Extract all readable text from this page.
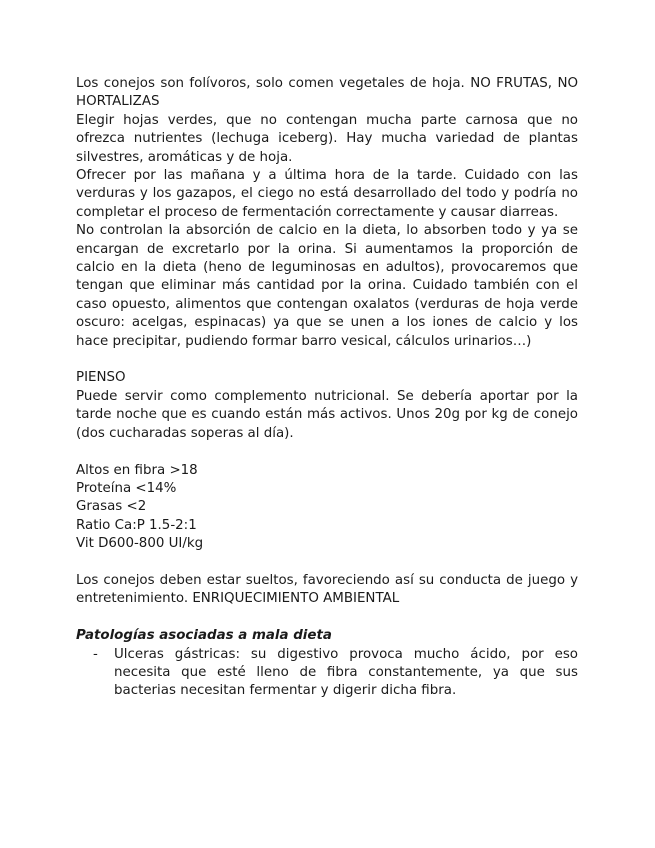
Los conejos son folívoros, solo comen vegetales de hoja. NO FRUTAS, NO HORTALIZAS

Elegir hojas verdes, que no contengan mucha parte carnosa que no ofrezca nutrientes (lechuga iceberg). Hay mucha variedad de plantas silvestres, aromáticas y de hoja.

Ofrecer por las mañana y a última hora de la tarde. Cuidado con las verduras y los gazapos, el ciego no está desarrollado del todo y podría no completar el proceso de fermentación correctamente y causar diarreas.

No controlan la absorción de calcio en la dieta, lo absorben todo y ya se encargan de excretarlo por la orina. Si aumentamos la proporción de calcio en la dieta (heno de leguminosas en adultos), provocaremos que tengan que eliminar más cantidad por la orina. Cuidado también con el caso opuesto, alimentos que contengan oxalatos (verduras de hoja verde oscuro: acelgas, espinacas) ya que se unen a los iones de calcio y los hace precipitar, pudiendo formar barro vesical, cálculos urinarios…)

PIENSO

Puede servir como complemento nutricional. Se debería aportar por la tarde noche que es cuando están más activos. Unos 20g por kg de conejo (dos cucharadas soperas al día).

Altos en fibra >18

Proteína <14%

Grasas <2

Ratio Ca:P 1.5-2:1

Vit D600-800 UI/kg

Los conejos deben estar sueltos, favoreciendo así su conducta de juego y entretenimiento. ENRIQUECIMIENTO AMBIENTAL

Patologías asociadas a mala dieta

- Ulceras gástricas: su digestivo provoca mucho ácido, por eso necesita que esté lleno de fibra constantemente, ya que sus bacterias necesitan fermentar y digerir dicha fibra.
